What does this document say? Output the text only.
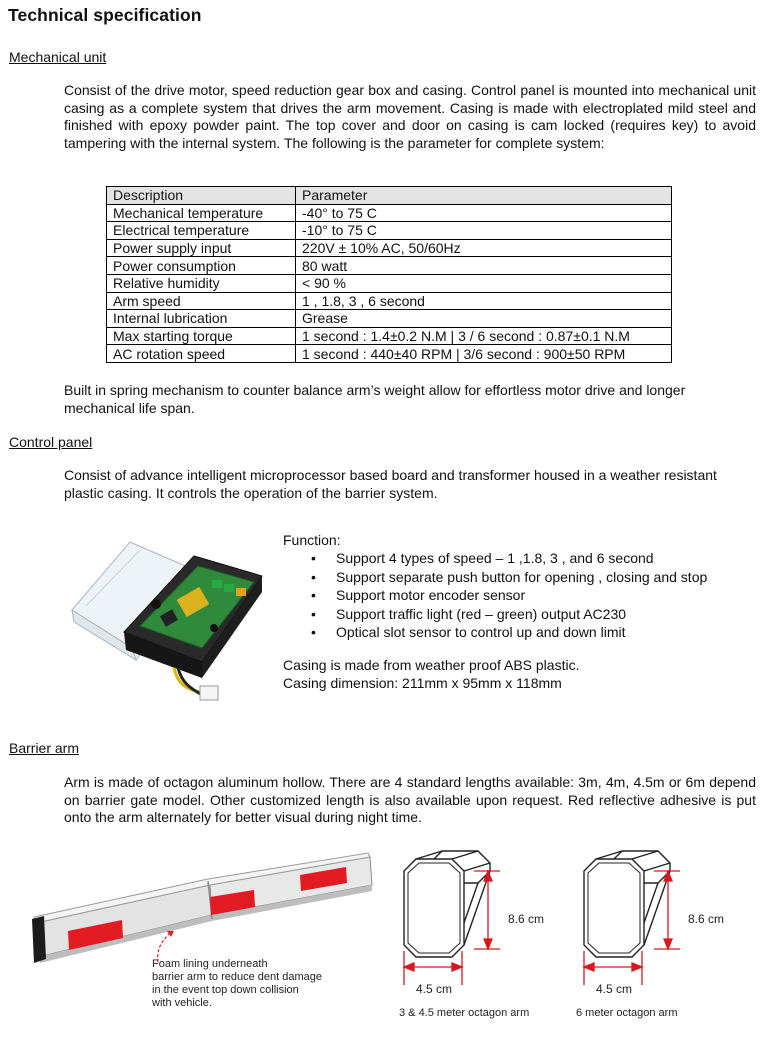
Technical specification
Mechanical unit

Consist of the drive motor, speed reduction gear box and casing. Control panel is mounted into mechanical unit casing as a complete system that drives the arm movement. Casing is made with electroplated mild steel and finished with epoxy powder paint. The top cover and door on casing is cam locked (requires key) to avoid tampering with the internal system. The following is the parameter for complete system:

Description	Parameter
Mechanical temperature	-40° to 75 C
Electrical temperature	-10° to 75 C
Power supply input	220V ± 10% AC, 50/60Hz
Power consumption	80 watt
Relative humidity	< 90 %
Arm speed	1 , 1.8, 3 , 6 second
Internal lubrication	Grease
Max starting torque	1 second : 1.4±0.2 N.M | 3 / 6 second : 0.87±0.1 N.M
AC rotation speed	1 second : 440±40 RPM | 3/6 second : 900±50 RPM

Built in spring mechanism to counter balance arm’s weight allow for effortless motor drive and longer mechanical life span.

Control panel

Consist of advance intelligent microprocessor based board and transformer housed in a weather resistant plastic casing. It controls the operation of the barrier system.

Function:
• Support 4 types of speed – 1 ,1.8, 3 , and 6 second
• Support separate push button for opening , closing and stop
• Support motor encoder sensor
• Support traffic light (red – green) output AC230
• Optical slot sensor to control up and down limit
Casing is made from weather proof ABS plastic.
Casing dimension: 211mm x 95mm x 118mm
Barrier arm

Arm is made of octagon aluminum hollow. There are 4 standard lengths available: 3m, 4m, 4.5m or 6m depend on barrier gate model. Other customized length is also available upon request. Red reflective adhesive is put onto the arm alternately for better visual during night time.

Foam lining underneath
barrier arm to reduce dent damage
in the event top down collision
with vehicle.
8.6 cm
4.5 cm
3 & 4.5 meter octagon arm
8.6 cm
4.5 cm
6 meter octagon arm
